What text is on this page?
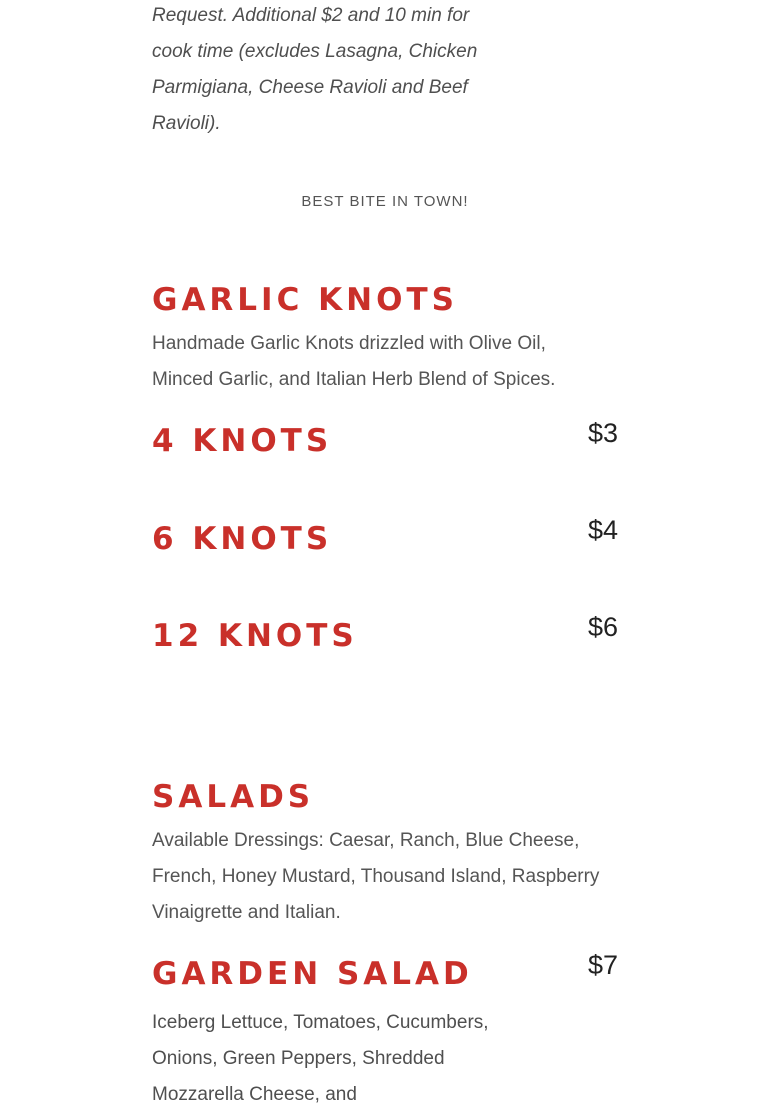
Request. Additional $2 and 10 min for cook time (excludes Lasagna, Chicken Parmigiana, Cheese Ravioli and Beef Ravioli).
BEST BITE IN TOWN!
GARLIC KNOTS
Handmade Garlic Knots drizzled with Olive Oil, Minced Garlic, and Italian Herb Blend of Spices.
4 KNOTS	$3
6 KNOTS	$4
12 KNOTS	$6
SALADS
Available Dressings: Caesar, Ranch, Blue Cheese, French, Honey Mustard, Thousand Island, Raspberry Vinaigrette and Italian.
GARDEN SALAD	$7
Iceberg Lettuce, Tomatoes, Cucumbers, Onions, Green Peppers, Shredded Mozzarella Cheese, and
